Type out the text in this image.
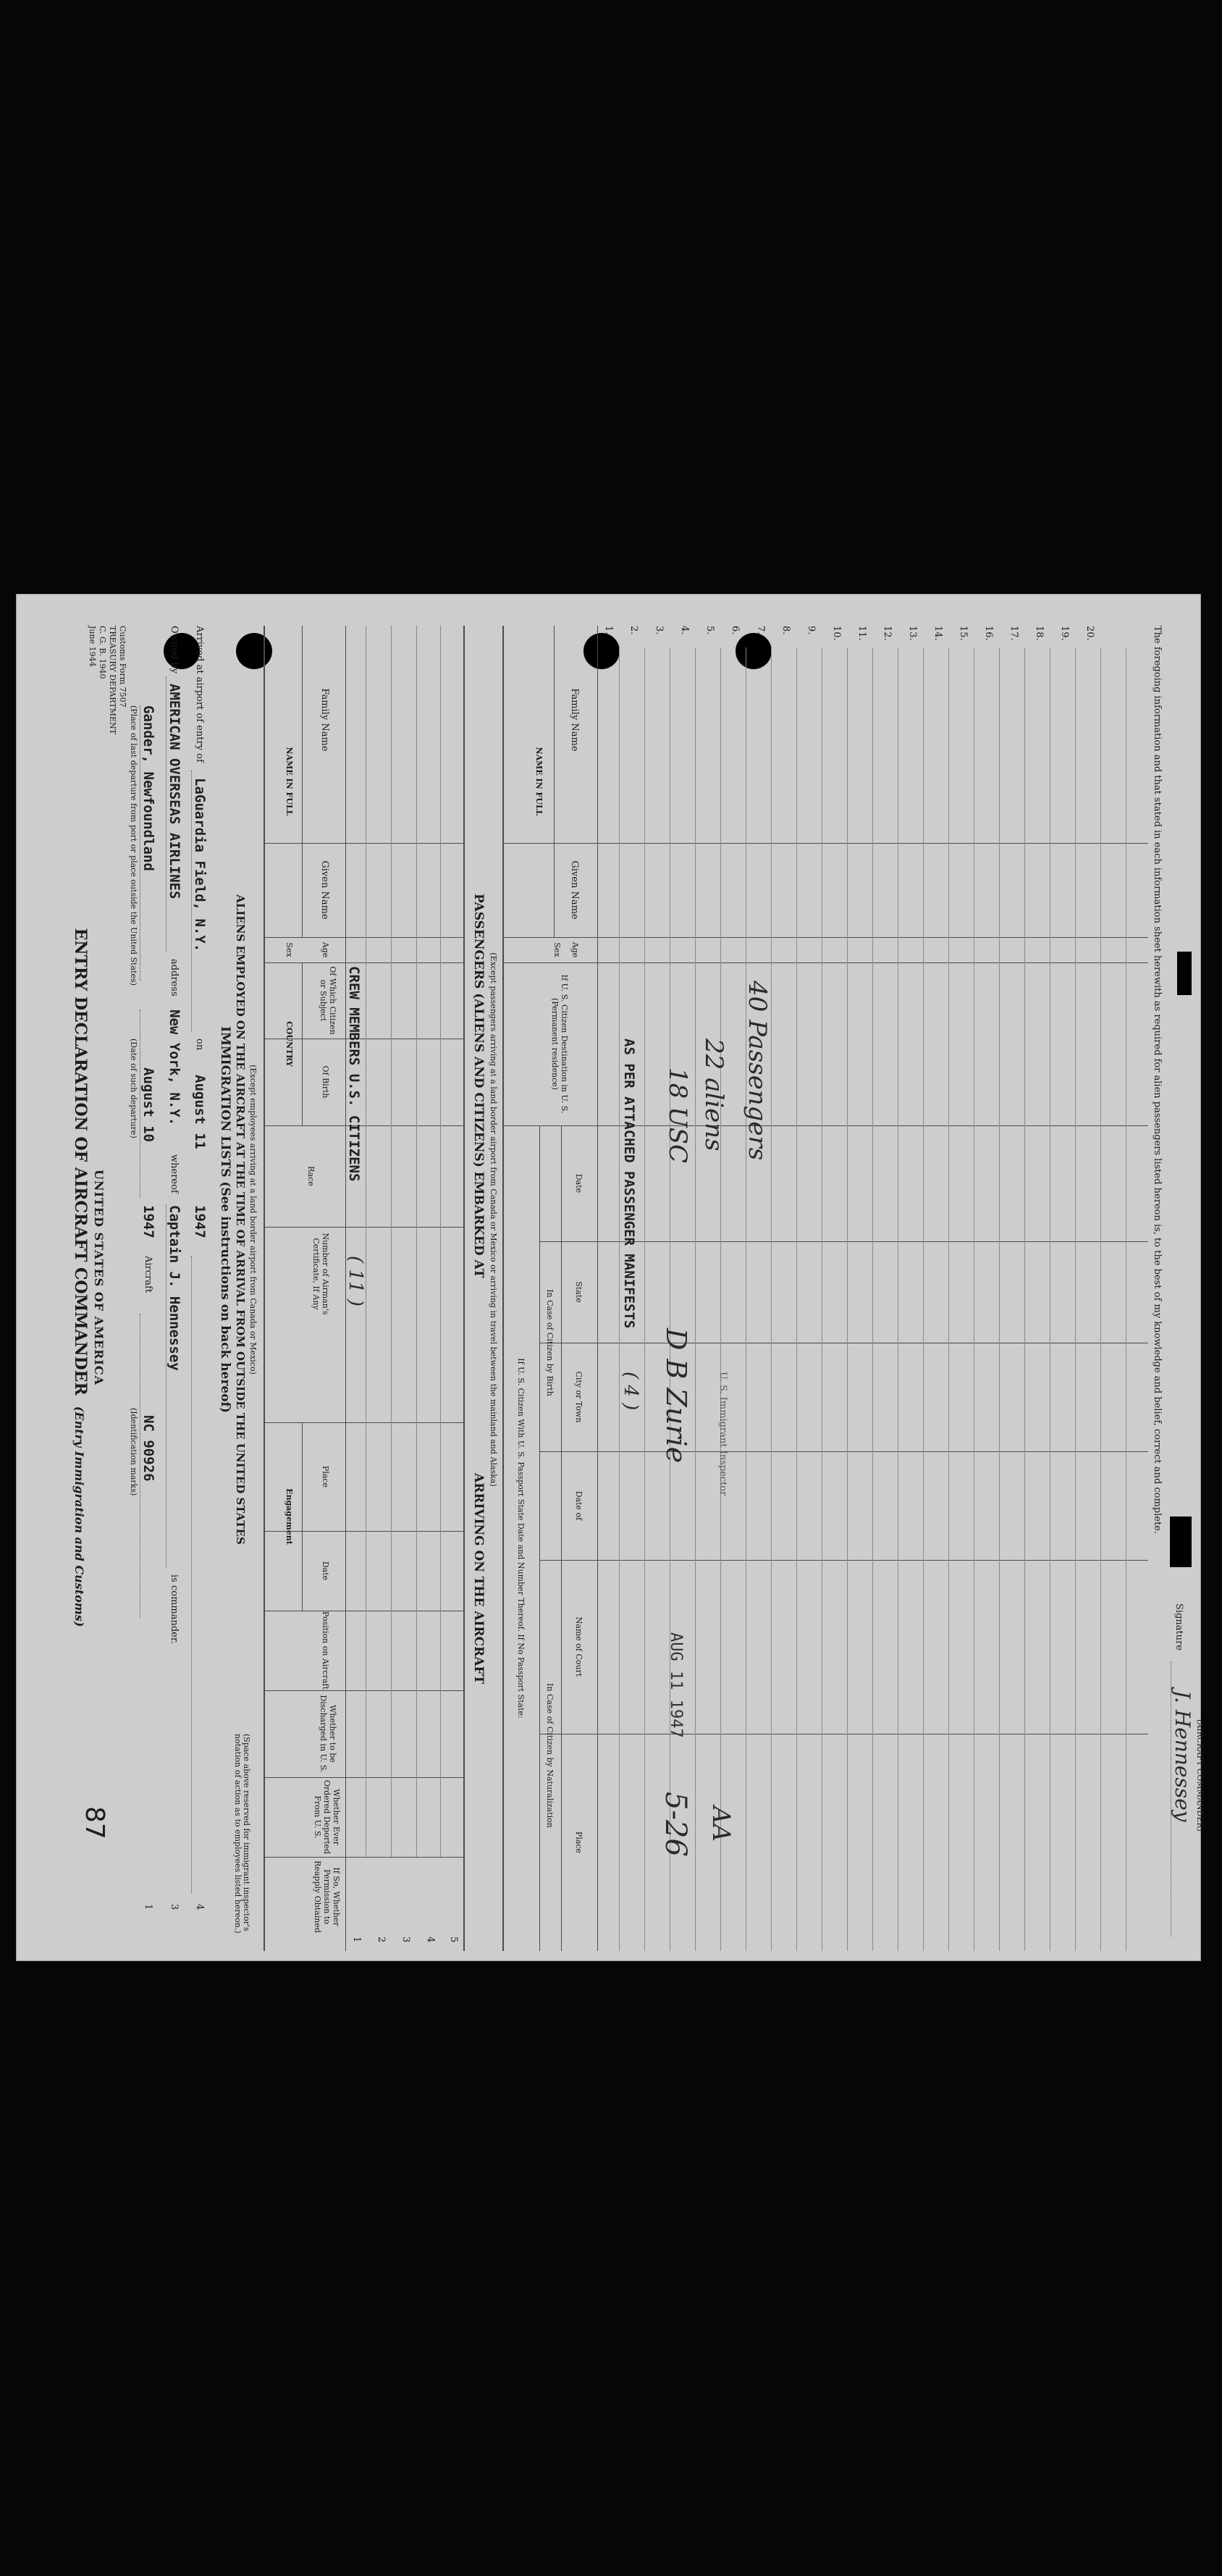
Customs Form 7507
TREASURY DEPARTMENT
C. G. B. 1940
June 1944
UNITED STATES OF AMERICA
ENTRY DECLARATION OF AIRCRAFT COMMANDER (Entry Immigration and Customs)
87
Gander, Newfoundland
(Place of last departure from port or place outside the United States)
August 10
(Date of such departure)
1947
Aircraft
NC 90926
(Identification marks)
1
Owned by
AMERICAN OVERSEAS AIRLINES
address
New York, N.Y.
whereof
Captain J. Hennessey
is commander.
3
Arrived at airport of entry of
LaGuardia Field, N.Y.
on
August 11
1947
4
IMMIGRATION LISTS (See instructions on back hereof) ALIENS EMPLOYED ON THE AIRCRAFT AT THE TIME OF ARRIVAL FROM OUTSIDE THE UNITED STATES (Except employees arriving at a land border airport from Canada or Mexico)
(Space above reserved for immigrant inspector's notation of action as to employees listed hereon.)
NAME IN FULL
Family Name
Given Name
Age
Sex
COUNTRY
Of Which Citizen or Subject
Of Birth
Race
Number of Airman's Certificate, If Any
Engagement
Place
Date
Position on Aircraft
Whether to be Discharged in U. S.
Whether Ever Ordered Deported From U. S.
If So, Whether Permission to Reapply Obtained
CREW MEMBERS U.S. CITIZENS
( 11 )
1 2 3 4 5
PASSENGERS (ALIENS AND CITIZENS) EMBARKED AT
ARRIVING ON THE AIRCRAFT
(Except passengers arriving at a land border airport from Canada or Mexico or arriving in travel between the mainland and Alaska)
NAME IN FULL
Family Name
Given Name
Age
Sex
If U. S. Citizen Destination in U. S. (Permanent residence)
If U. S. Citizen With U. S. Passport State Date and Number Thereof. If No Passport State:
In Case of Citizen by Birth
In Case of Citizen by Naturalization
Date
State
City or Town
Date of
Name of Court
Place
1. 2. 3. 4. 5. 6. 7. 8. 9. 10. 11. 12. 13. 14. 15. 16. 17. 18. 19. 20.
AS PER ATTACHED PASSENGER MANIFESTS
( 4 )
18 USC 22 aliens 40 Passengers
D B Zurie	U. S. Immigrant Inspector
AUG 11 1947
5-26 AA
The foregoing information and that stated in each information sheet herewith as required for alien passengers listed hereon is, to the best of my knowledge and belief, correct and complete.
Signature
J. Hennessey (AIRCRAFT COMMANDER)
